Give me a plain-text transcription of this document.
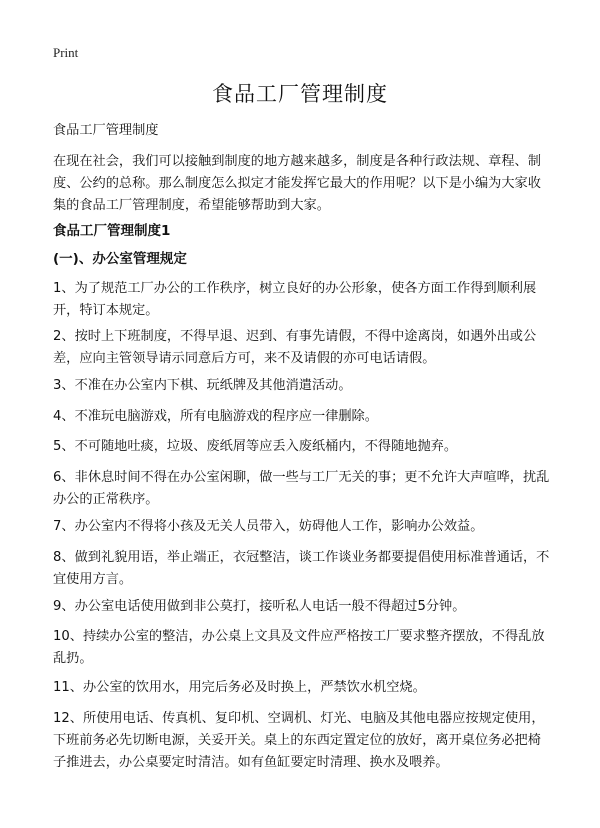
Print
食品工厂管理制度
食品工厂管理制度
在现在社会，我们可以接触到制度的地方越来越多，制度是各种行政法规、章程、制度、公约的总称。那么制度怎么拟定才能发挥它最大的作用呢？以下是小编为大家收集的食品工厂管理制度，希望能够帮助到大家。
食品工厂管理制度1
(一)、办公室管理规定
1、为了规范工厂办公的工作秩序，树立良好的办公形象，使各方面工作得到顺利展开，特订本规定。
2、按时上下班制度，不得早退、迟到、有事先请假，不得中途离岗，如遇外出或公差，应向主管领导请示同意后方可，来不及请假的亦可电话请假。
3、不准在办公室内下棋、玩纸牌及其他消遣活动。
4、不准玩电脑游戏，所有电脑游戏的程序应一律删除。
5、不可随地吐痰，垃圾、废纸屑等应丢入废纸桶内，不得随地抛弃。
6、非休息时间不得在办公室闲聊，做一些与工厂无关的事；更不允许大声喧哗，扰乱办公的正常秩序。
7、办公室内不得将小孩及无关人员带入，妨碍他人工作，影响办公效益。
8、做到礼貌用语，举止端正，衣冠整洁，谈工作谈业务都要提倡使用标准普通话，不宜使用方言。
9、办公室电话使用做到非公莫打，接听私人电话一般不得超过5分钟。
10、持续办公室的整洁，办公桌上文具及文件应严格按工厂要求整齐摆放，不得乱放乱扔。
11、办公室的饮用水，用完后务必及时换上，严禁饮水机空烧。
12、所使用电话、传真机、复印机、空调机、灯光、电脑及其他电器应按规定使用，下班前务必先切断电源，关妥开关。桌上的东西定置定位的放好，离开桌位务必把椅子推进去，办公桌要定时清洁。如有鱼缸要定时清理、换水及喂养。
